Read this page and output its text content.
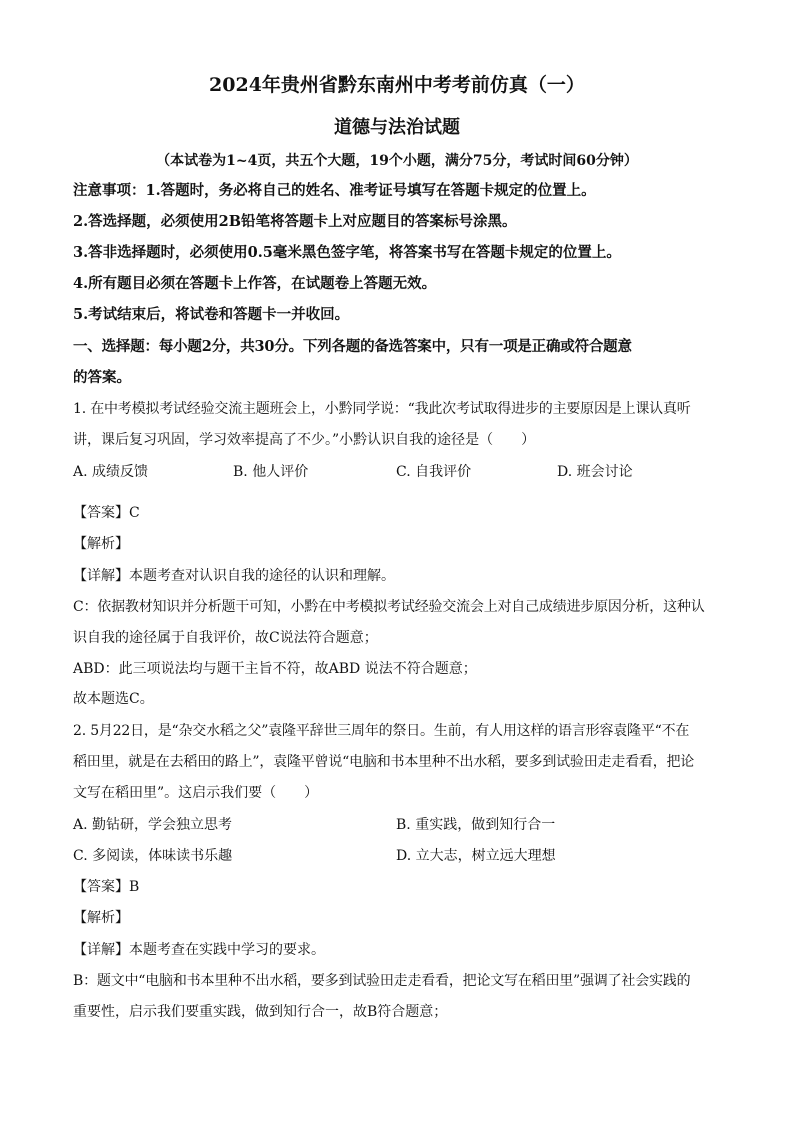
2024年贵州省黔东南州中考考前仿真（一）
道德与法治试题
（本试卷为1~4页，共五个大题，19个小题，满分75分，考试时间60分钟）
注意事项：1.答题时，务必将自己的姓名、准考证号填写在答题卡规定的位置上。
2.答选择题，必须使用2B铅笔将答题卡上对应题目的答案标号涂黑。
3.答非选择题时，必须使用0.5毫米黑色签字笔，将答案书写在答题卡规定的位置上。
4.所有题目必须在答题卡上作答，在试题卷上答题无效。
5.考试结束后，将试卷和答题卡一并收回。
一、选择题：每小题2分，共30分。下列各题的备选答案中，只有一项是正确或符合题意
的答案。
1. 在中考模拟考试经验交流主题班会上，小黔同学说：“我此次考试取得进步的主要原因是上课认真听
讲，课后复习巩固，学习效率提高了不少。”小黔认识自我的途径是（　　）
A. 成绩反馈	B. 他人评价	C. 自我评价	D. 班会讨论
【答案】C
【解析】
【详解】本题考查对认识自我的途径的认识和理解。
C：依据教材知识并分析题干可知，小黔在中考模拟考试经验交流会上对自己成绩进步原因分析，这种认
识自我的途径属于自我评价，故C说法符合题意；
ABD：此三项说法均与题干主旨不符，故ABD 说法不符合题意；
故本题选C。
2. 5月22日，是“杂交水稻之父”袁隆平辞世三周年的祭日。生前，有人用这样的语言形容袁隆平“不在
稻田里，就是在去稻田的路上”，袁隆平曾说“电脑和书本里种不出水稻，要多到试验田走走看看，把论
文写在稻田里”。这启示我们要（　　）
A. 勤钻研，学会独立思考	B. 重实践，做到知行合一
C. 多阅读，体味读书乐趣	D. 立大志，树立远大理想
【答案】B
【解析】
【详解】本题考查在实践中学习的要求。
B：题文中“电脑和书本里种不出水稻，要多到试验田走走看看，把论文写在稻田里”强调了社会实践的
重要性，启示我们要重实践，做到知行合一，故B符合题意；
